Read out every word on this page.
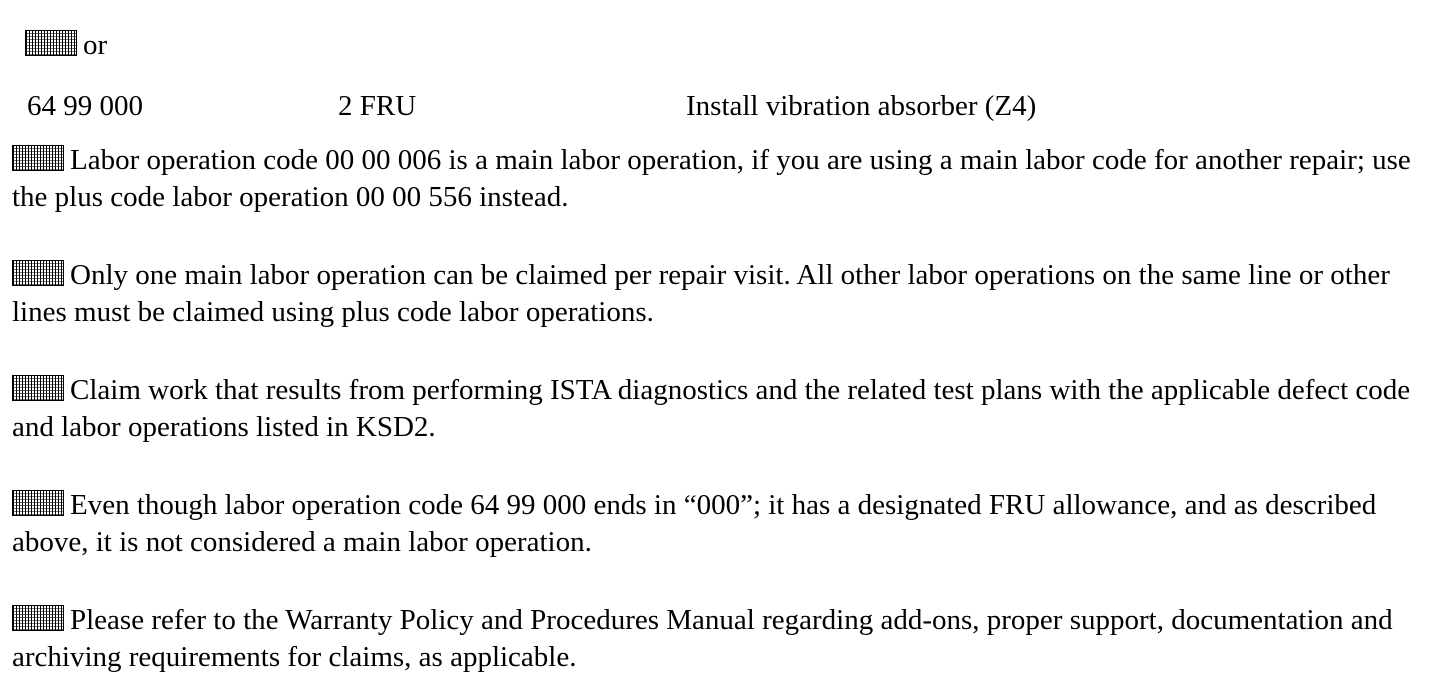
or
64 99 000	2 FRU	Install vibration absorber (Z4)
Labor operation code 00 00 006 is a main labor operation, if you are using a main labor code for another repair; use the plus code labor operation 00 00 556 instead.
Only one main labor operation can be claimed per repair visit. All other labor operations on the same line or other lines must be claimed using plus code labor operations.
Claim work that results from performing ISTA diagnostics and the related test plans with the applicable defect code and labor operations listed in KSD2.
Even though labor operation code 64 99 000 ends in “000”; it has a designated FRU allowance, and as described above, it is not considered a main labor operation.
Please refer to the Warranty Policy and Procedures Manual regarding add-ons, proper support, documentation and archiving requirements for claims, as applicable.
